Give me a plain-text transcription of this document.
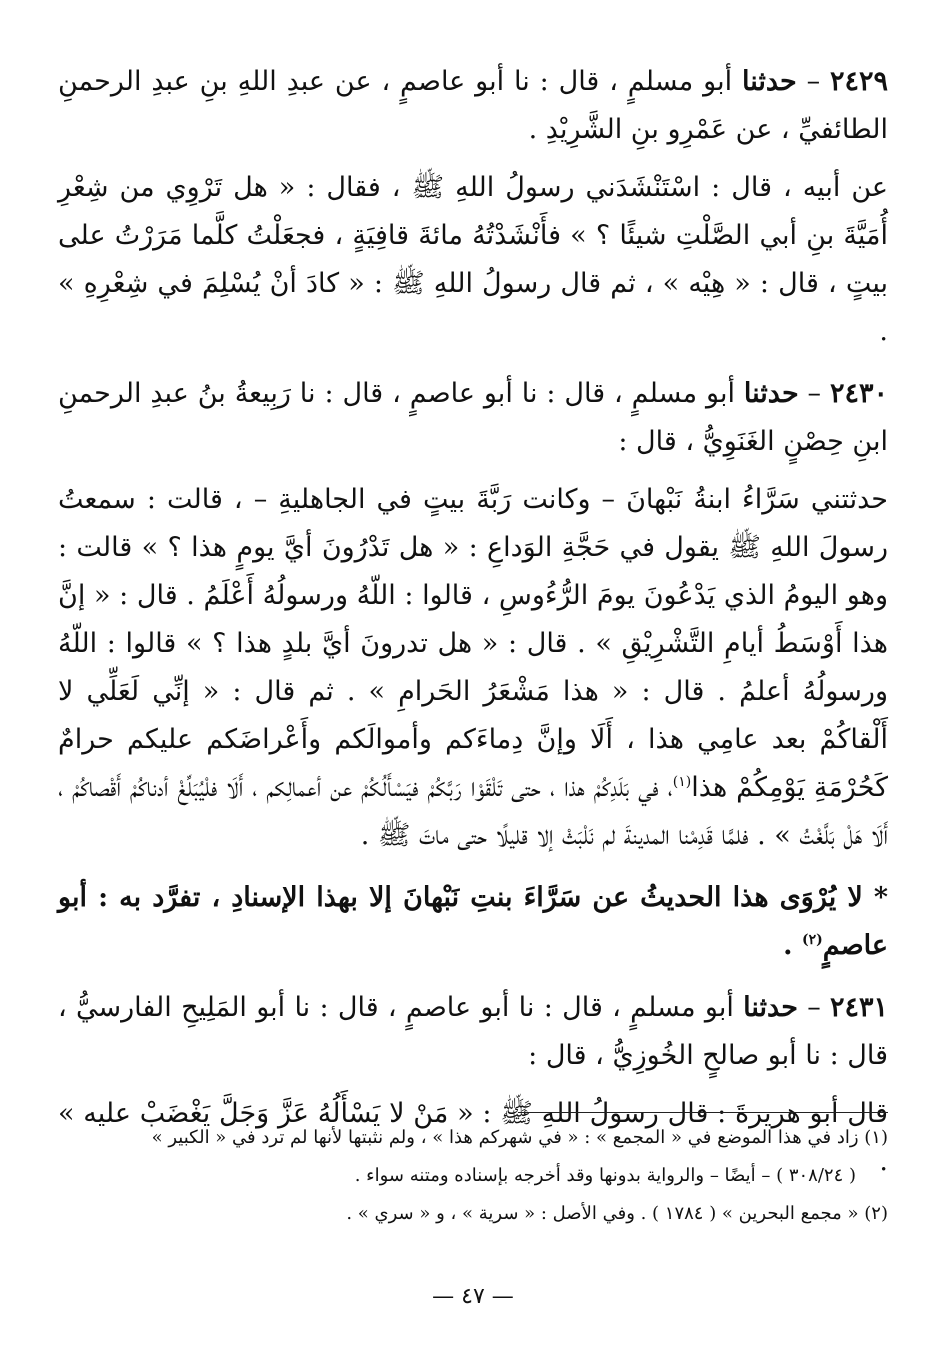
٢٤٢٩ – حدثنا أبو مسلمٍ ، قال : نا أبو عاصمٍ ، عن عبدِ اللهِ بنِ عبدِ الرحمنِ الطائفيِّ ، عن عَمْرِو بنِ الشَّرِيْدِ .

عن أبيه ، قال : اسْتَنْشَدَني رسولُ اللهِ ﷺ ، فقال : « هل تَرْوِي من شِعْرِ أُمَيَّةَ بنِ أبي الصَّلْتِ شيئًا ؟ » فأَنْشَدْتُهُ مائةَ قافِيَةٍ ، فجعَلْتُ كلَّما مَرَرْتُ على بيتٍ ، قال : « هِيْه » ، ثم قال رسولُ اللهِ ﷺ : « كادَ أنْ يُسْلِمَ في شِعْرِهِ » .

٢٤٣٠ – حدثنا أبو مسلمٍ ، قال : نا أبو عاصمٍ ، قال : نا رَبِيعةُ بنُ عبدِ الرحمنِ ابنِ حِصْنٍ الغَنَوِيُّ ، قال :

حدثتني سَرَّاءُ ابنةُ نَبْهانَ – وكانت رَبَّةَ بيتٍ في الجاهليةِ – ، قالت : سمعتُ رسولَ اللهِ ﷺ يقول في حَجَّةِ الوَداعِ : « هل تَدْرُونَ أيَّ يومٍ هذا ؟ » قالت : وهو اليومُ الذي يَدْعُونَ يومَ الرُّءُوسِ ، قالوا : اللّهُ ورسولُهُ أَعْلَمُ . قال : « إنَّ هذا أَوْسَطُ أيامِ التَّشْرِيْقِ » . قال : « هل تدرونَ أيَّ بلدٍ هذا ؟ » قالوا : اللّهُ ورسولُهُ أعلمُ . قال : « هذا مَشْعَرُ الحَرامِ » . ثم قال : « إنِّي لَعَلِّي لا أَلْقاكُمْ بعد عامِي هذا ، أَلَا وإنَّ دِماءَكم وأموالَكم وأَعْراضَكم عليكم حرامٌ كَحُرْمَةِ يَوْمِكُمْ هذا$^{(١)}$، في بَلَدِكُمْ هذا ، حتى تَلْقَوْا رَبَّكُمْ فيَسْأَلُكُمْ عن أعمالِكم ، أَلَا فلْيُبَلِّغْ أدناكُمْ أَقْصاكُمْ ، أَلَا هَلْ بَلَّغْتُ » . فلمَّا قَدِمْنا المدينةَ لم نَلْبَثْ إلا قليلًا حتى ماتَ ﷺ .

* لا يُرْوَى هذا الحديثُ عن سَرَّاءَ بنتِ نَبْهانَ إلا بهذا الإسنادِ ، تفرَّد به : أبو عاصمٍ$^{(٢)}$ .

٢٤٣١ – حدثنا أبو مسلمٍ ، قال : نا أبو عاصمٍ ، قال : نا أبو المَلِيحِ الفارسيُّ ، قال : نا أبو صالحٍ الخُوزِيُّ ، قال :

قال أبو هريرةَ : قال رسولُ اللهِ ﷺ : « مَنْ لا يَسْأَلُهُ عَزَّ وَجَلَّ يَغْضَبْ عليه » .

(١) زاد في هذا الموضع في « المجمع » : « في شهركم هذا » ، ولم نثبتها لأنها لم ترد في « الكبير »

( ٣٠٨/٢٤ ) – أيضًا – والرواية بدونها وقد أخرجه بإسناده ومتنه سواء .

(٢) « مجمع البحرين » ( ١٧٨٤ ) . وفي الأصل : « سرية » ، و « سري » .

— ٤٧ —
